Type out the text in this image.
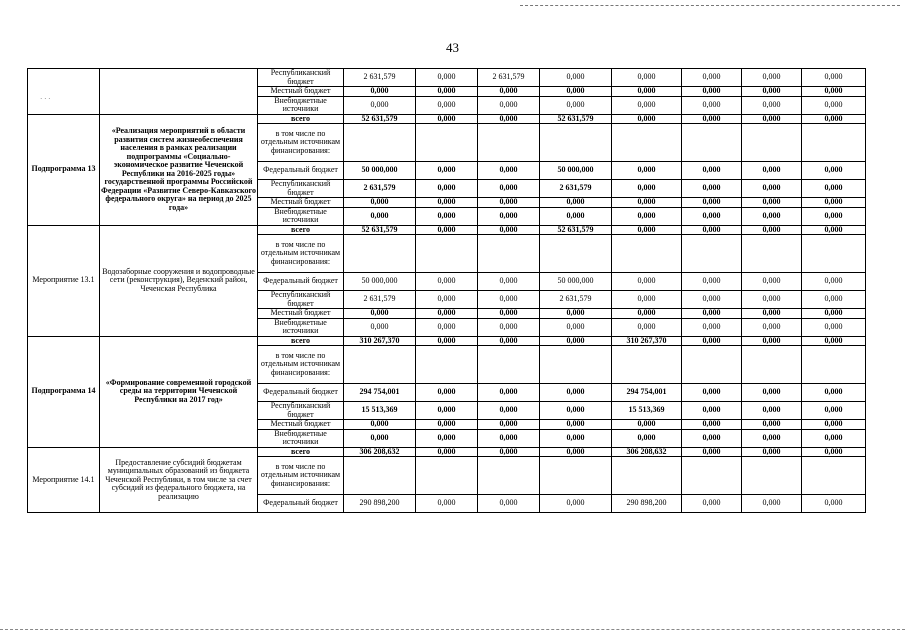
43
· · ·
		Республиканский бюджет	2 631,579	0,000	2 631,579	0,000	0,000	0,000	0,000	0,000
		Местный бюджет	0,000	0,000	0,000	0,000	0,000	0,000	0,000	0,000
		Внебюджетные источники	0,000	0,000	0,000	0,000	0,000	0,000	0,000	0,000
Подпрограмма 13	«Реализация мероприятий в области развития систем жизнеобеспечения населения в рамках реализации подпрограммы «Социально-экономическое развитие Чеченской Республики на 2016-2025 годы» государственной программы Российской Федерации «Развитие Северо-Кавказского федерального округа» на период до 2025 года»	всего	52 631,579	0,000	0,000	52 631,579	0,000	0,000	0,000	0,000
		в том числе по отдельным источникам финансирования:								
		Федеральный бюджет	50 000,000	0,000	0,000	50 000,000	0,000	0,000	0,000	0,000
		Республиканский бюджет	2 631,579	0,000	0,000	2 631,579	0,000	0,000	0,000	0,000
		Местный бюджет	0,000	0,000	0,000	0,000	0,000	0,000	0,000	0,000
		Внебюджетные источники	0,000	0,000	0,000	0,000	0,000	0,000	0,000	0,000
Мероприятие 13.1	Водозаборные сооружения и водопроводные сети (реконструкция), Веденский район, Чеченская Республика	всего	52 631,579	0,000	0,000	52 631,579	0,000	0,000	0,000	0,000
		в том числе по отдельным источникам финансирования:								
		Федеральный бюджет	50 000,000	0,000	0,000	50 000,000	0,000	0,000	0,000	0,000
		Республиканский бюджет	2 631,579	0,000	0,000	2 631,579	0,000	0,000	0,000	0,000
		Местный бюджет	0,000	0,000	0,000	0,000	0,000	0,000	0,000	0,000
		Внебюджетные источники	0,000	0,000	0,000	0,000	0,000	0,000	0,000	0,000
Подпрограмма 14	«Формирование современной городской среды на территории Чеченской Республики на 2017 год»	всего	310 267,370	0,000	0,000	0,000	310 267,370	0,000	0,000	0,000
		в том числе по отдельным источникам финансирования:								
		Федеральный бюджет	294 754,001	0,000	0,000	0,000	294 754,001	0,000	0,000	0,000
		Республиканский бюджет	15 513,369	0,000	0,000	0,000	15 513,369	0,000	0,000	0,000
		Местный бюджет	0,000	0,000	0,000	0,000	0,000	0,000	0,000	0,000
		Внебюджетные источники	0,000	0,000	0,000	0,000	0,000	0,000	0,000	0,000
Мероприятие 14.1	Предоставление субсидий бюджетам муниципальных образований из бюджета Чеченской Республики, в том числе за счет субсидий из федерального бюджета, на реализацию	всего	306 208,632	0,000	0,000	0,000	306 208,632	0,000	0,000	0,000
		в том числе по отдельным источникам финансирования:								
		Федеральный бюджет	290 898,200	0,000	0,000	0,000	290 898,200	0,000	0,000	0,000
